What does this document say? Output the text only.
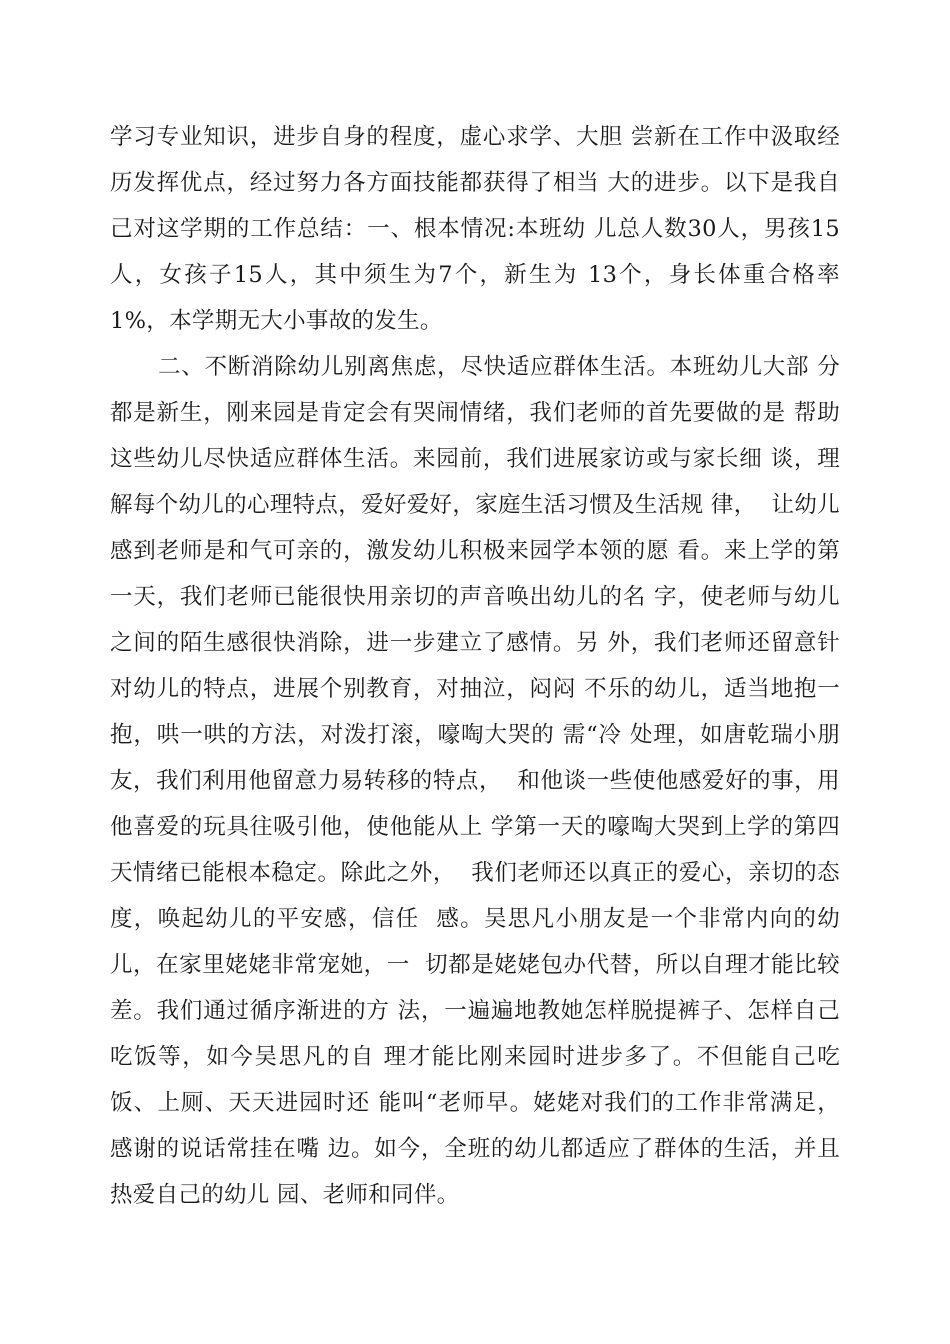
学习专业知识，进步自身的程度，虚心求学、大胆 尝新在工作中汲取经
历发挥优点，经过努力各方面技能都获得了相当 大的进步。以下是我自
己对这学期的工作总结：一、根本情况:本班幼 儿总人数30人，男孩15
人，女孩子15人，其中须生为7个，新生为 13个，身长体重合格率
1%，本学期无大小事故的发生。
二、不断消除幼儿别离焦虑，尽快适应群体生活。本班幼儿大部 分
都是新生，刚来园是肯定会有哭闹情绪，我们老师的首先要做的是 帮助
这些幼儿尽快适应群体生活。来园前，我们进展家访或与家长细 谈，理
解每个幼儿的心理特点，爱好爱好，家庭生活习惯及生活规 律，  让幼儿
感到老师是和气可亲的，激发幼儿积极来园学本领的愿 看。来上学的第
一天，我们老师已能很快用亲切的声音唤出幼儿的名 字，使老师与幼儿
之间的陌生感很快消除，进一步建立了感情。另 外，我们老师还留意针
对幼儿的特点，进展个别教育，对抽泣，闷闷 不乐的幼儿，适当地抱一
抱，哄一哄的方法，对泼打滚，嚎啕大哭的 需“冷 处理，如唐乾瑞小朋
友，我们利用他留意力易转移的特点，  和他谈一些使他感爱好的事，用
他喜爱的玩具往吸引他，使他能从上 学第一天的嚎啕大哭到上学的第四
天情绪已能根本稳定。除此之外，  我们老师还以真正的爱心，亲切的态
度，唤起幼儿的平安感，信任  感。吴思凡小朋友是一个非常内向的幼
儿，在家里姥姥非常宠她，一  切都是姥姥包办代替，所以自理才能比较
差。我们通过循序渐进的方 法，一遍遍地教她怎样脱提裤子、怎样自己
吃饭等，如今吴思凡的自 理才能比刚来园时进步多了。不但能自己吃
饭、上厕、天天进园时还 能叫“老师早。姥姥对我们的工作非常满足，
感谢的说话常挂在嘴 边。如今，全班的幼儿都适应了群体的生活，并且
热爱自己的幼儿 园、老师和同伴。
